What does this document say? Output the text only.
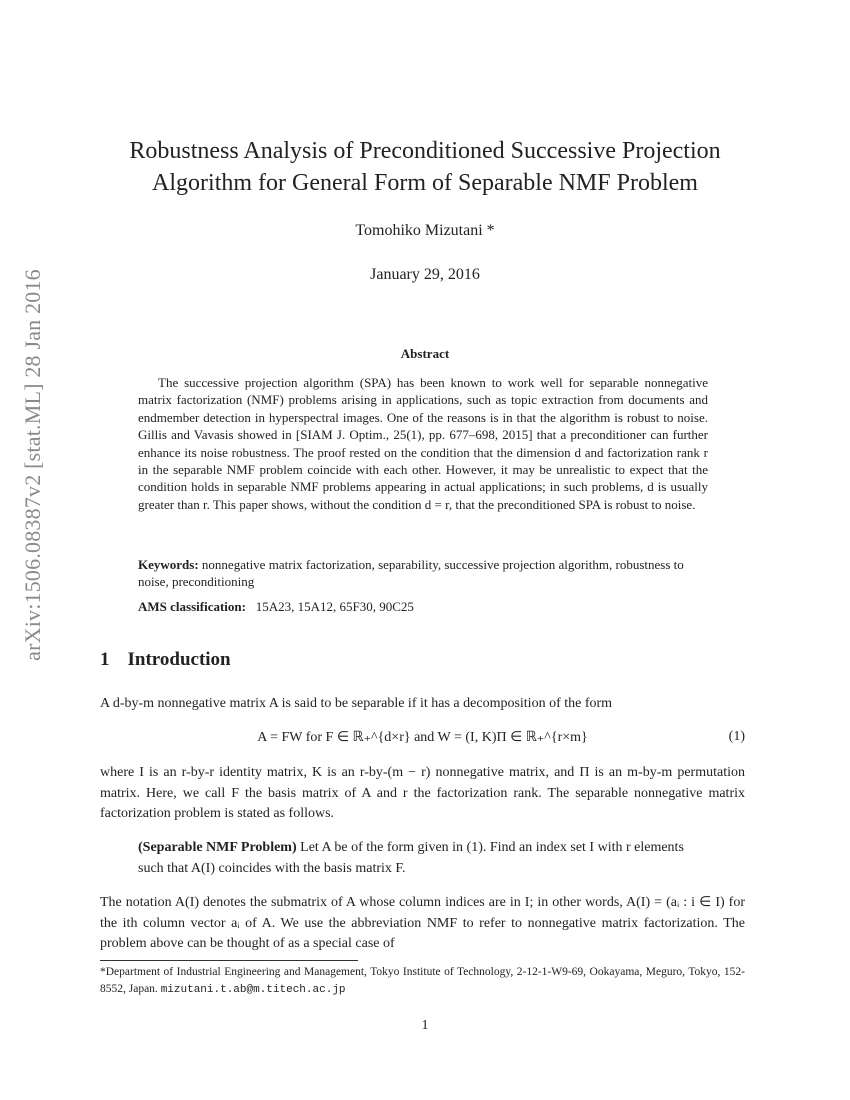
arXiv:1506.08387v2 [stat.ML] 28 Jan 2016
Robustness Analysis of Preconditioned Successive Projection
Algorithm for General Form of Separable NMF Problem
Tomohiko Mizutani *
January 29, 2016
Abstract
The successive projection algorithm (SPA) has been known to work well for separable nonnegative matrix factorization (NMF) problems arising in applications, such as topic extraction from documents and endmember detection in hyperspectral images. One of the reasons is in that the algorithm is robust to noise. Gillis and Vavasis showed in [SIAM J. Optim., 25(1), pp. 677–698, 2015] that a preconditioner can further enhance its noise robustness. The proof rested on the condition that the dimension d and factorization rank r in the separable NMF problem coincide with each other. However, it may be unrealistic to expect that the condition holds in separable NMF problems appearing in actual applications; in such problems, d is usually greater than r. This paper shows, without the condition d = r, that the preconditioned SPA is robust to noise.
Keywords: nonnegative matrix factorization, separability, successive projection algorithm, robustness to noise, preconditioning
AMS classification: 15A23, 15A12, 65F30, 90C25
1 Introduction
A d-by-m nonnegative matrix A is said to be separable if it has a decomposition of the form
A = FW for F ∈ ℝ₊^{d×r} and W = (I, K)Π ∈ ℝ₊^{r×m}	(1)
where I is an r-by-r identity matrix, K is an r-by-(m − r) nonnegative matrix, and Π is an m-by-m permutation matrix. Here, we call F the basis matrix of A and r the factorization rank. The separable nonnegative matrix factorization problem is stated as follows.
(Separable NMF Problem) Let A be of the form given in (1). Find an index set I with r elements such that A(I) coincides with the basis matrix F.
The notation A(I) denotes the submatrix of A whose column indices are in I; in other words, A(I) = (aᵢ : i ∈ I) for the ith column vector aᵢ of A. We use the abbreviation NMF to refer to nonnegative matrix factorization. The problem above can be thought of as a special case of
*Department of Industrial Engineering and Management, Tokyo Institute of Technology, 2-12-1-W9-69, Ookayama, Meguro, Tokyo, 152-8552, Japan. mizutani.t.ab@m.titech.ac.jp
1
